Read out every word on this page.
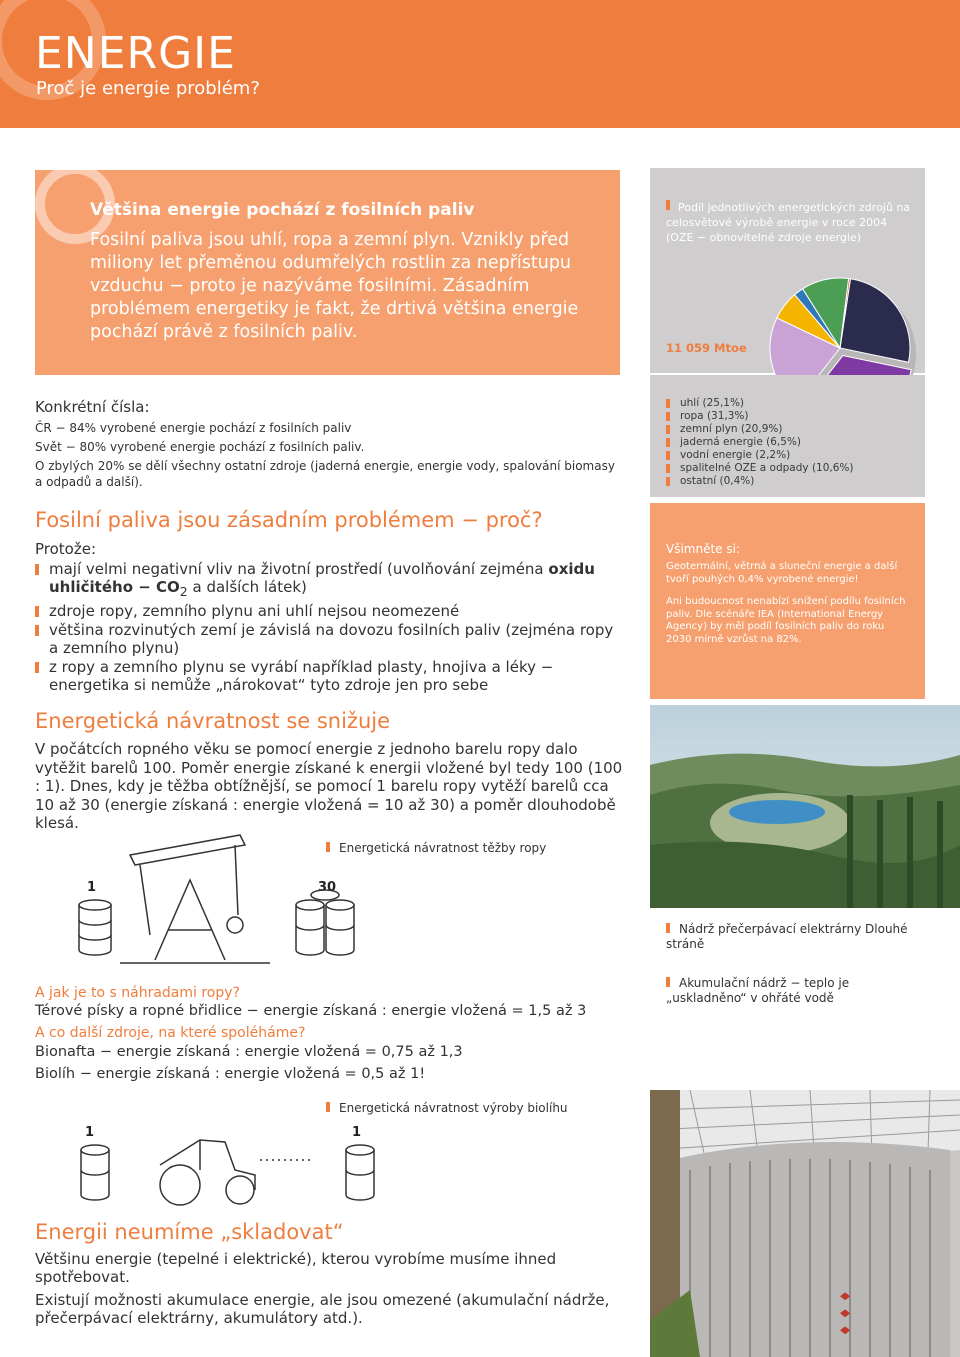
ENERGIE
Proč je energie problém?
Většina energie pochází z fosilních paliv
Fosilní paliva jsou uhlí, ropa a zemní plyn. Vznikly před miliony let přeměnou odumřelých rostlin za nepřístupu vzduchu − proto je nazýváme fosilními. Zásadním problémem energetiky je fakt, že drtivá většina energie pochází právě z fosilních paliv.
Podíl jednotlivých energetických zdrojů na celosvětové výrobě energie v roce 2004 (OZE − obnovitelné zdroje energie)
11 059 Mtoe
uhlí (25,1%)
ropa (31,3%)
zemní plyn (20,9%)
jaderná energie (6,5%)
vodní energie (2,2%)
spalitelné OZE a odpady (10,6%)
ostatní (0,4%)
Konkrétní čísla:

ČR − 84% vyrobené energie pochází z fosilních paliv

Svět − 80% vyrobené energie pochází z fosilních paliv.

O zbylých 20% se dělí všechny ostatní zdroje (jaderná energie, energie vody, spalování biomasy a odpadů a další).

Fosilní paliva jsou zásadním problémem − proč?
Protože:
mají velmi negativní vliv na životní prostředí (uvolňování zejména oxidu uhličitého − $CO_2$ a dalších látek)
zdroje ropy, zemního plynu ani uhlí nejsou neomezené
většina rozvinutých zemí je závislá na dovozu fosilních paliv (zejména ropy a zemního plynu)
z ropy a zemního plynu se vyrábí například plasty, hnojiva a léky − energetika si nemůže „nárokovat“ tyto zdroje jen pro sebe
Všimněte si:

Geotermální, větrná a sluneční energie a další tvoří pouhých 0,4% vyrobené energie!

Ani budoucnost nenabízí snížení podílu fosilních paliv. Dle scénáře IEA (International Energy Agency) by měl podíl fosilních paliv do roku 2030 mírně vzrůst na 82%.

Nádrž přečerpávací elektrárny Dlouhé stráně
Akumulační nádrž − teplo je „uskladněno“ v ohřáté vodě
Energetická návratnost se snižuje
V počátcích ropného věku se pomocí energie z jednoho barelu ropy dalo vytěžit barelů 100. Poměr energie získané k energii vložené byl tedy 100 (100 : 1). Dnes, kdy je těžba obtížnější, se pomocí 1 barelu ropy vytěží barelů cca 10 až 30 (energie získaná : energie vložená = 10 až 30) a poměr dlouhodobě klesá.
Energetická návratnost těžby ropy
1	30
A jak je to s náhradami ropy?
Térové písky a ropné břidlice − energie získaná : energie vložená = 1,5 až 3
A co další zdroje, na které spoléháme?
Bionafta − energie získaná : energie vložená = 0,75 až 1,3
Biolíh − energie získaná : energie vložená = 0,5 až 1!
Energetická návratnost výroby biolíhu
1	1
♦ ♦ ♦
Energii neumíme „skladovat“

Většinu energie (tepelné i elektrické), kterou vyrobíme musíme ihned spotřebovat.

Existují možnosti akumulace energie, ale jsou omezené (akumulační nádrže, přečerpávací elektrárny, akumulátory atd.).
